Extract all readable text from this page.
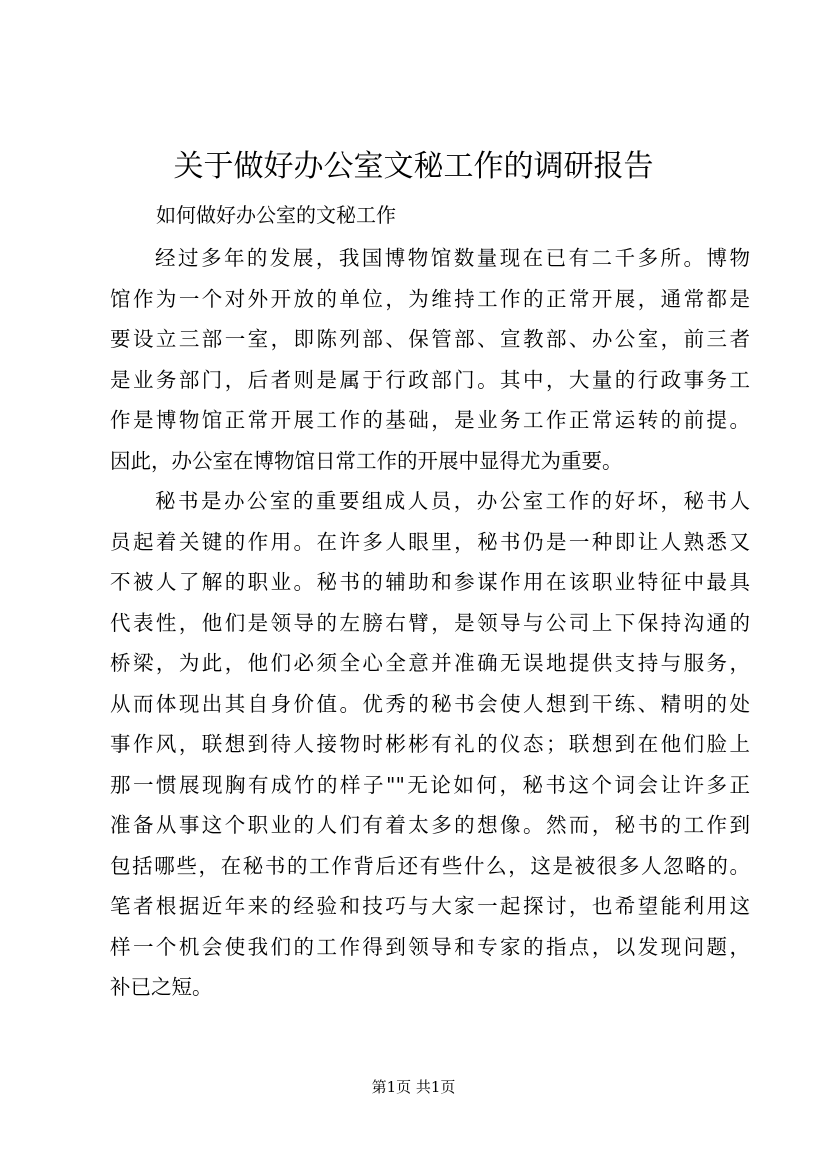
关于做好办公室文秘工作的调研报告

如何做好办公室的文秘工作

经过多年的发展，我国博物馆数量现在已有二千多所。博物
馆作为一个对外开放的单位，为维持工作的正常开展，通常都是
要设立三部一室，即陈列部、保管部、宣教部、办公室，前三者
是业务部门，后者则是属于行政部门。其中，大量的行政事务工
作是博物馆正常开展工作的基础，是业务工作正常运转的前提。
因此，办公室在博物馆日常工作的开展中显得尤为重要。
秘书是办公室的重要组成人员，办公室工作的好坏，秘书人
员起着关键的作用。在许多人眼里，秘书仍是一种即让人熟悉又
不被人了解的职业。秘书的辅助和参谋作用在该职业特征中最具
代表性，他们是领导的左膀右臂，是领导与公司上下保持沟通的
桥梁，为此，他们必须全心全意并准确无误地提供支持与服务，
从而体现出其自身价值。优秀的秘书会使人想到干练、精明的处
事作风，联想到待人接物时彬彬有礼的仪态；联想到在他们脸上
那一惯展现胸有成竹的样子""无论如何，秘书这个词会让许多正
准备从事这个职业的人们有着太多的想像。然而，秘书的工作到
包括哪些，在秘书的工作背后还有些什么，这是被很多人忽略的。
笔者根据近年来的经验和技巧与大家一起探讨，也希望能利用这
样一个机会使我们的工作得到领导和专家的指点，以发现问题，
补已之短。

第1页 共1页
